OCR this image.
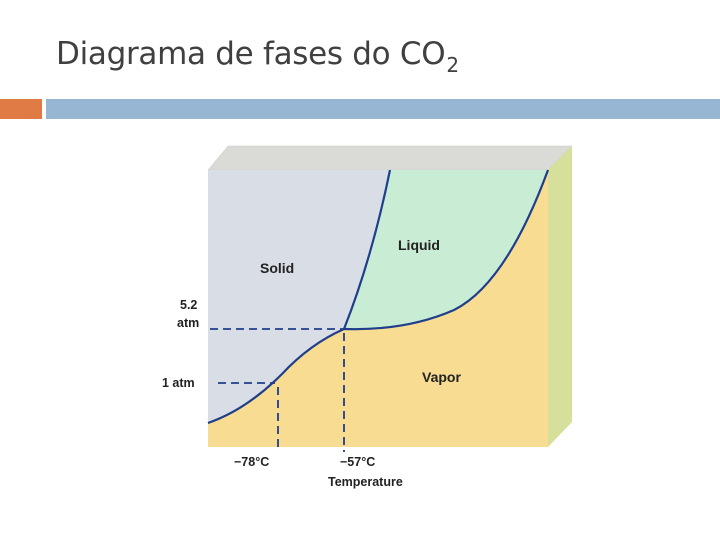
Diagrama de fases do $CO_2$
Solid
Liquid
Vapor
5.2
atm
1 atm
−78°C	−57°C
Temperature
